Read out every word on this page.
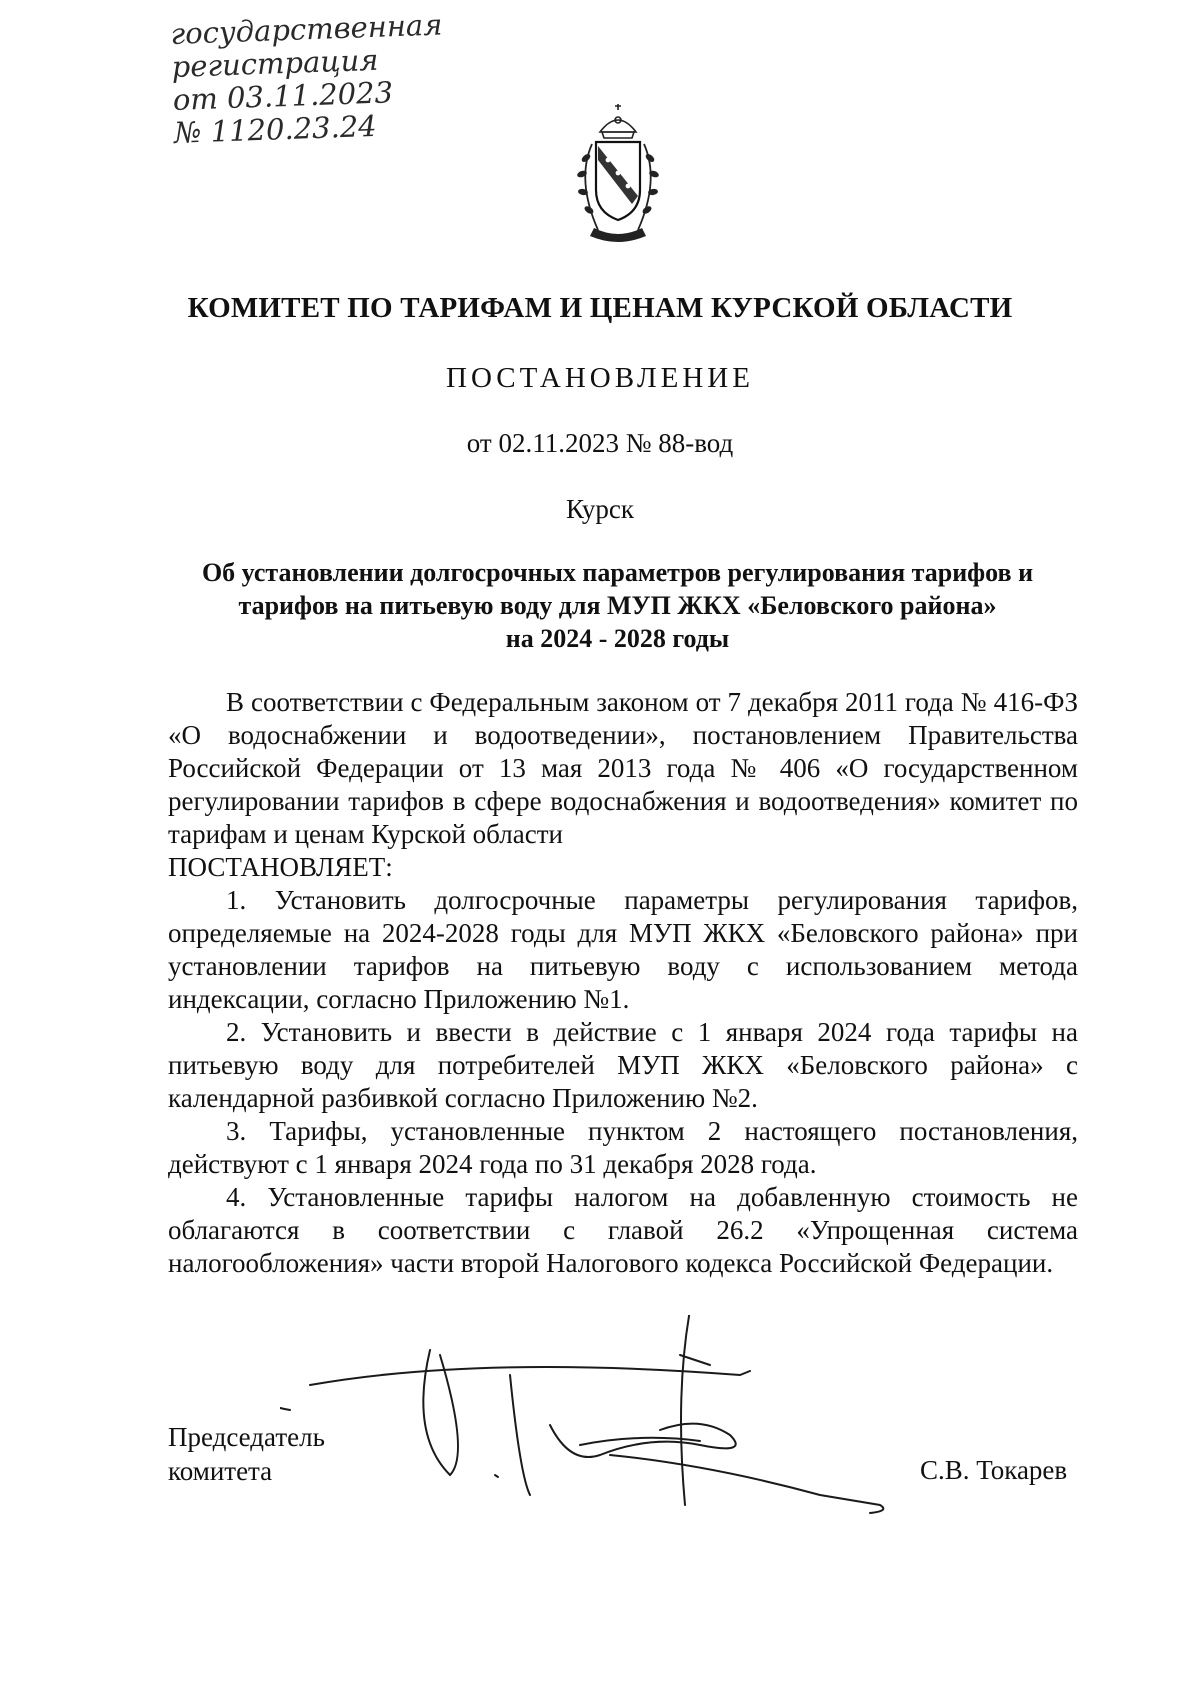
государственная
регистрация
от 03.11.2023
№ 1120.23.24
КОМИТЕТ ПО ТАРИФАМ И ЦЕНАМ КУРСКОЙ ОБЛАСТИ
ПОСТАНОВЛЕНИЕ
от 02.11.2023 № 88-вод
Курск
Об установлении долгосрочных параметров регулирования тарифов и
тарифов на питьевую воду для МУП ЖКХ «Беловского района»
на 2024 - 2028 годы

В соответствии с Федеральным законом от 7 декабря 2011 года № 416-ФЗ «О водоснабжении и водоотведении», постановлением Правительства Российской Федерации от 13 мая 2013 года № 406 «О государственном регулировании тарифов в сфере водоснабжения и водоотведения» комитет по тарифам и ценам Курской области

ПОСТАНОВЛЯЕТ:

1. Установить долгосрочные параметры регулирования тарифов, определяемые на 2024-2028 годы для МУП ЖКХ «Беловского района» при установлении тарифов на питьевую воду с использованием метода индексации, согласно Приложению №1.

2. Установить и ввести в действие с 1 января 2024 года тарифы на питьевую воду для потребителей МУП ЖКХ «Беловского района» с календарной разбивкой согласно Приложению №2.

3. Тарифы, установленные пунктом 2 настоящего постановления, действуют с 1 января 2024 года по 31 декабря 2028 года.

4. Установленные тарифы налогом на добавленную стоимость не облагаются в соответствии с главой 26.2 «Упрощенная система налогообложения» части второй Налогового кодекса Российской Федерации.

Председатель
комитета	С.В. Токарев
